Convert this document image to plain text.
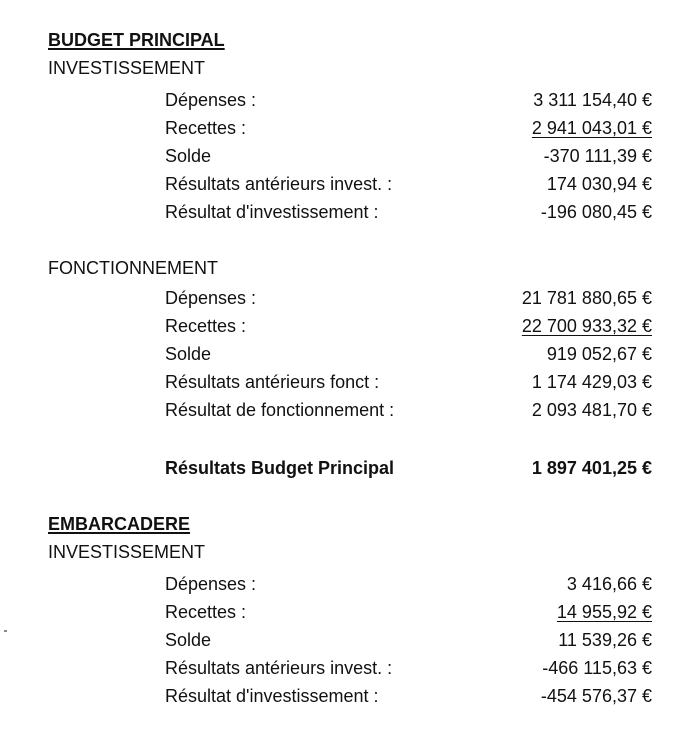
BUDGET PRINCIPAL
INVESTISSEMENT
Dépenses :	3 311 154,40 €
Recettes :	2 941 043,01 €
Solde	-370 111,39 €
Résultats antérieurs invest. :	174 030,94 €
Résultat d'investissement :	-196 080,45 €
FONCTIONNEMENT
Dépenses :	21 781 880,65 €
Recettes :	22 700 933,32 €
Solde	919 052,67 €
Résultats antérieurs fonct :	1 174 429,03 €
Résultat de fonctionnement :	2 093 481,70 €
Résultats Budget Principal	1 897 401,25 €
EMBARCADERE
INVESTISSEMENT
Dépenses :	3 416,66 €
Recettes :	14 955,92 €
Solde	11 539,26 €
Résultats antérieurs invest. :	-466 115,63 €
Résultat d'investissement :	-454 576,37 €
